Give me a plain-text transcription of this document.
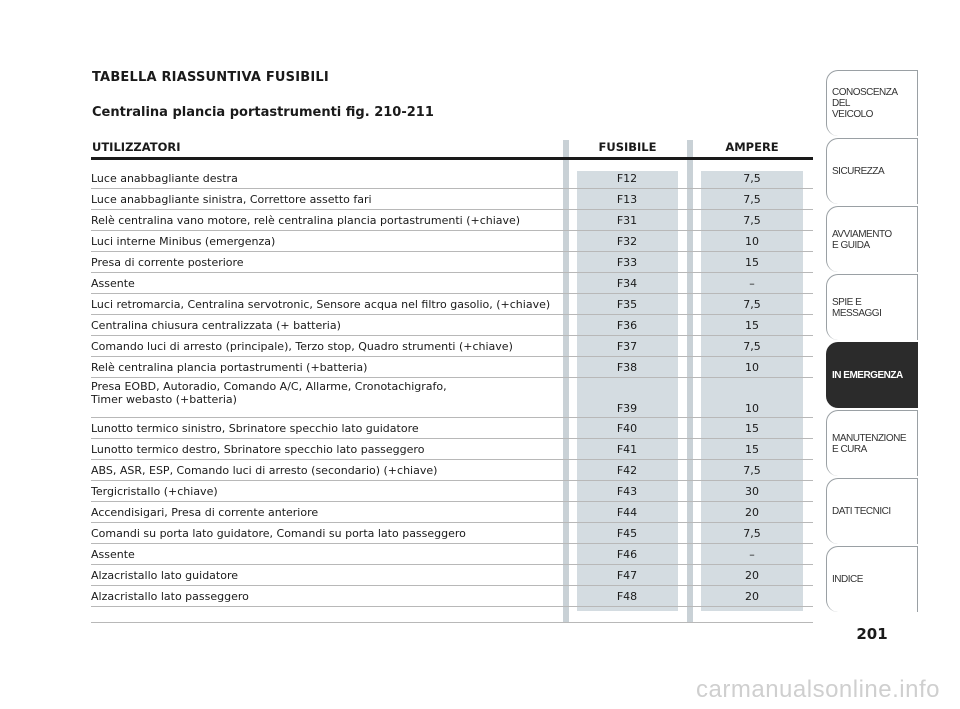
TABELLA RIASSUNTIVA FUSIBILI
Centralina plancia portastrumenti fig. 210-211
UTILIZZATORI	FUSIBILE	AMPERE
Luce anabbagliante destra	F12	7,5
Luce anabbagliante sinistra, Correttore assetto fari	F13	7,5
Relè centralina vano motore, relè centralina plancia portastrumenti (+chiave)	F31	7,5
Luci interne Minibus (emergenza)	F32	10
Presa di corrente posteriore	F33	15
Assente	F34	–
Luci retromarcia, Centralina servotronic, Sensore acqua nel filtro gasolio, (+chiave)	F35	7,5
Centralina chiusura centralizzata (+ batteria)	F36	15
Comando luci di arresto (principale), Terzo stop, Quadro strumenti (+chiave)	F37	7,5
Relè centralina plancia portastrumenti (+batteria)	F38	10
Presa EOBD, Autoradio, Comando A/C, Allarme, Cronotachigrafo,
Timer webasto (+batteria)
F39	10
Lunotto termico sinistro, Sbrinatore specchio lato guidatore	F40	15
Lunotto termico destro, Sbrinatore specchio lato passeggero	F41	15
ABS, ASR, ESP, Comando luci di arresto (secondario) (+chiave)	F42	7,5
Tergicristallo (+chiave)	F43	30
Accendisigari, Presa di corrente anteriore	F44	20
Comandi su porta lato guidatore, Comandi su porta lato passeggero	F45	7,5
Assente	F46	–
Alzacristallo lato guidatore	F47	20
Alzacristallo lato passeggero	F48	20
CONOSCENZA
DEL
VEICOLO
SICUREZZA
AVVIAMENTO
E GUIDA
SPIE E
MESSAGGI
IN EMERGENZA
MANUTENZIONE
E CURA
DATI TECNICI
INDICE
201
carmanualsonline.info
